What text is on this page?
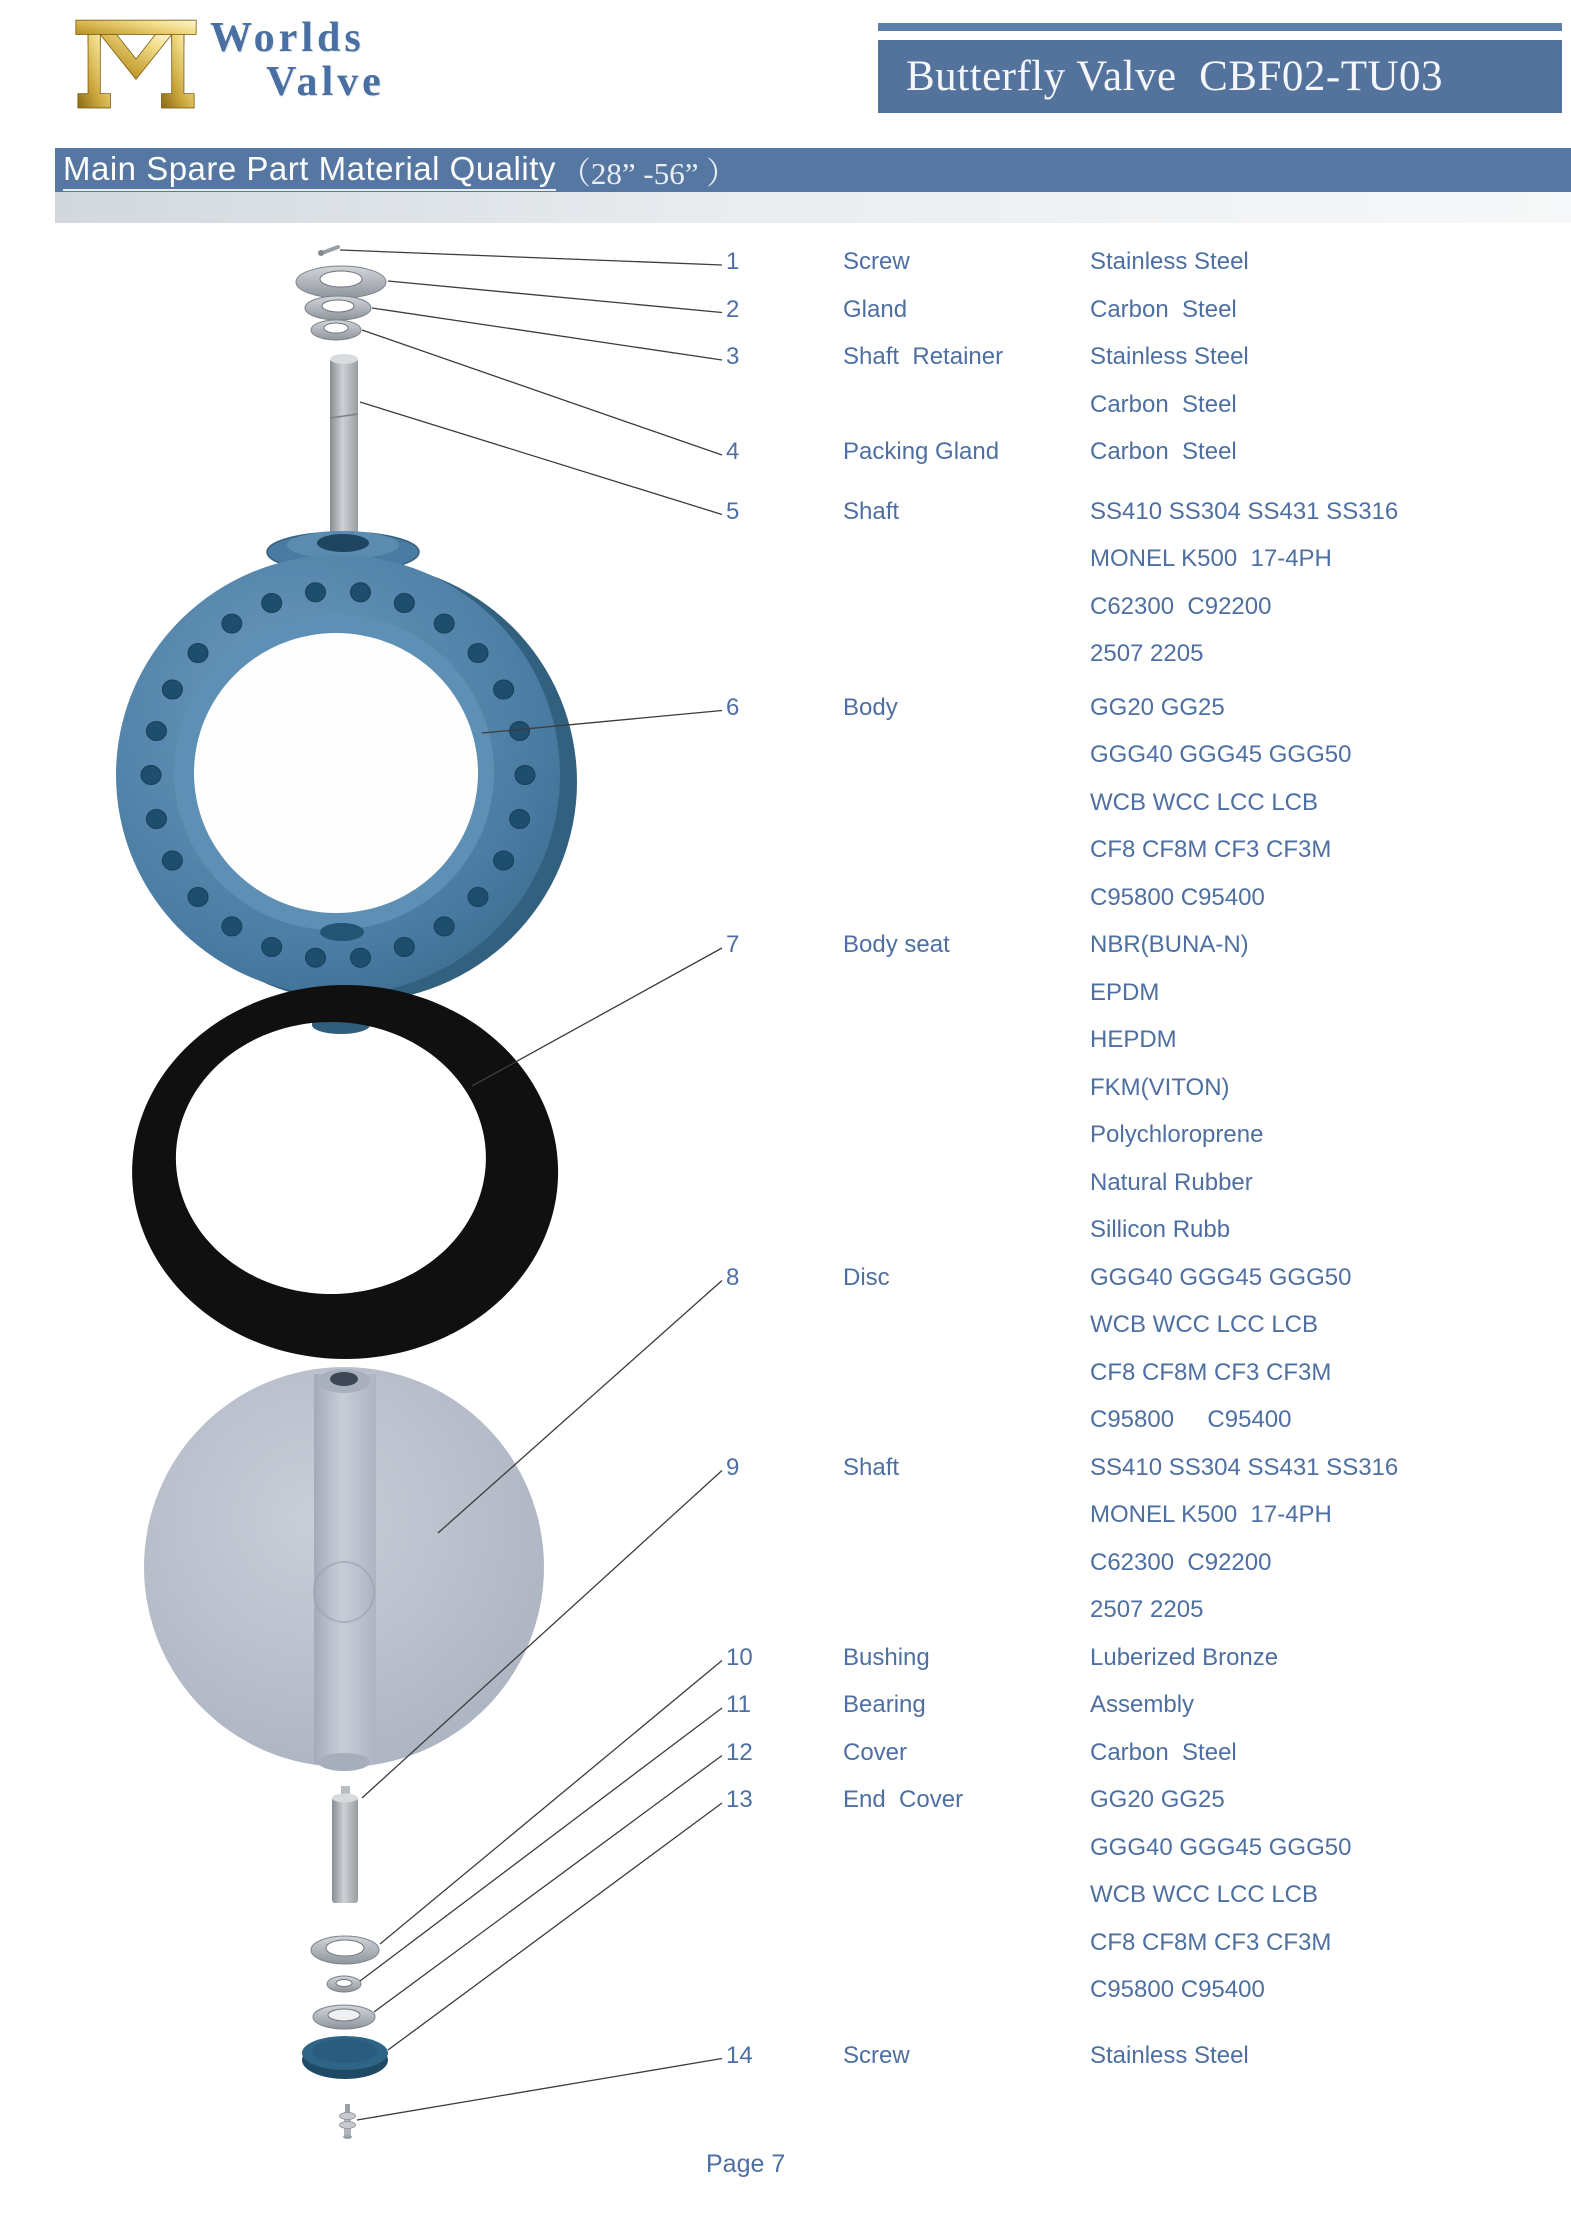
Worlds
Valve	Butterfly Valve  CBF02-TU03
Main Spare Part Material Quality （28” -56” ）
1	Screw	Stainless Steel
2	Gland	Carbon  Steel
3	Shaft  Retainer	Stainless Steel
Carbon  Steel
4	Packing Gland	Carbon  Steel
5	Shaft	SS410 SS304 SS431 SS316
MONEL K500  17-4PH
C62300  C92200
2507 2205
6	Body	GG20 GG25
GGG40 GGG45 GGG50
WCB WCC LCC LCB
CF8 CF8M CF3 CF3M
C95800 C95400
7	Body seat	NBR(BUNA-N)
EPDM
HEPDM
FKM(VITON)
Polychloroprene
Natural Rubber
Sillicon Rubb
8	Disc	GGG40 GGG45 GGG50
WCB WCC LCC LCB
CF8 CF8M CF3 CF3M
C95800     C95400
9	Shaft	SS410 SS304 SS431 SS316
MONEL K500  17-4PH
C62300  C92200
2507 2205
10	Bushing	Luberized Bronze
11	Bearing	Assembly
12	Cover	Carbon  Steel
13	End  Cover	GG20 GG25
GGG40 GGG45 GGG50
WCB WCC LCC LCB
CF8 CF8M CF3 CF3M
C95800 C95400
14	Screw	Stainless Steel
Page 7
